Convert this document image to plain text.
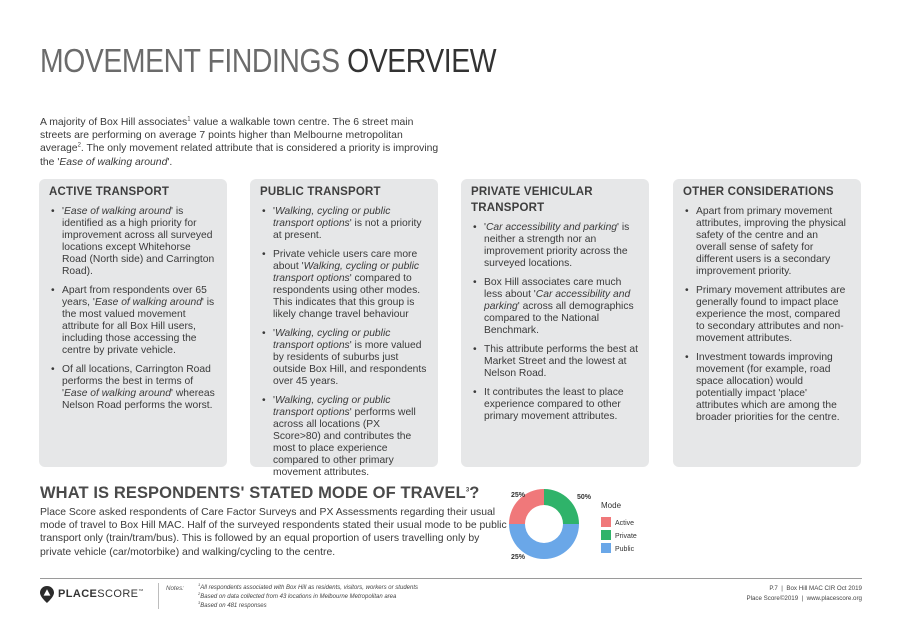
MOVEMENT FINDINGS OVERVIEW

A majority of Box Hill associates$^1$ value a walkable town centre. The 6 street main streets are performing on average 7 points higher than Melbourne metropolitan average$^2$. The only movement related attribute that is considered a priority is improving the 'Ease of walking around'.

ACTIVE TRANSPORT
• 'Ease of walking around' is identified as a high priority for improvement across all surveyed locations except Whitehorse Road (North side) and Carrington Road).
• Apart from respondents over 65 years, 'Ease of walking around' is the most valued movement attribute for all Box Hill users, including those accessing the centre by private vehicle.
• Of all locations, Carrington Road performs the best in terms of 'Ease of walking around' whereas Nelson Road performs the worst.
PUBLIC TRANSPORT
• 'Walking, cycling or public transport options' is not a priority at present.
• Private vehicle users care more about 'Walking, cycling or public transport options' compared to respondents using other modes. This indicates that this group is likely change travel behaviour
• 'Walking, cycling or public transport options' is more valued by residents of suburbs just outside Box Hill, and respondents over 45 years.
• 'Walking, cycling or public transport options' performs well across all locations (PX Score>80) and contributes the most to place experience compared to other primary movement attributes.
PRIVATE VEHICULAR TRANSPORT
• 'Car accessibility and parking' is neither a strength nor an improvement priority across the surveyed locations.
• Box Hill associates care much less about 'Car accessibility and parking' across all demographics compared to the National Benchmark.
• This attribute performs the best at Market Street and the lowest at Nelson Road.
• It contributes the least to place experience compared to other primary movement attributes.
OTHER CONSIDERATIONS
• Apart from primary movement attributes, improving the physical safety of the centre and an overall sense of safety for different users is a secondary improvement priority.
• Primary movement attributes are generally found to impact place experience the most, compared to secondary attributes and non-movement attributes.
• Investment towards improving movement (for example, road space allocation) would potentially impact 'place' attributes which are among the broader priorities for the centre.
WHAT IS RESPONDENTS' STATED MODE OF TRAVEL$^3$?

Place Score asked respondents of Care Factor Surveys and PX Assessments regarding their usual mode of travel to Box Hill MAC. Half of the surveyed respondents stated their usual mode to be public transport only (train/tram/bus). This is followed by an equal proportion of users travelling only by private vehicle (car/motorbike) and walking/cycling to the centre.

25%
25%
50%
Mode
Active
Private
Public
PLACESCORE™	Notes:
$^1$All respondents associated with Box Hill as residents, visitors, workers or students
$^2$Based on data collected from 43 locations in Melbourne Metropolitan area
$^3$Based on 481 responses
P.7  |  Box Hill MAC CIR Oct 2019
Place Score©2019  |  www.placescore.org
